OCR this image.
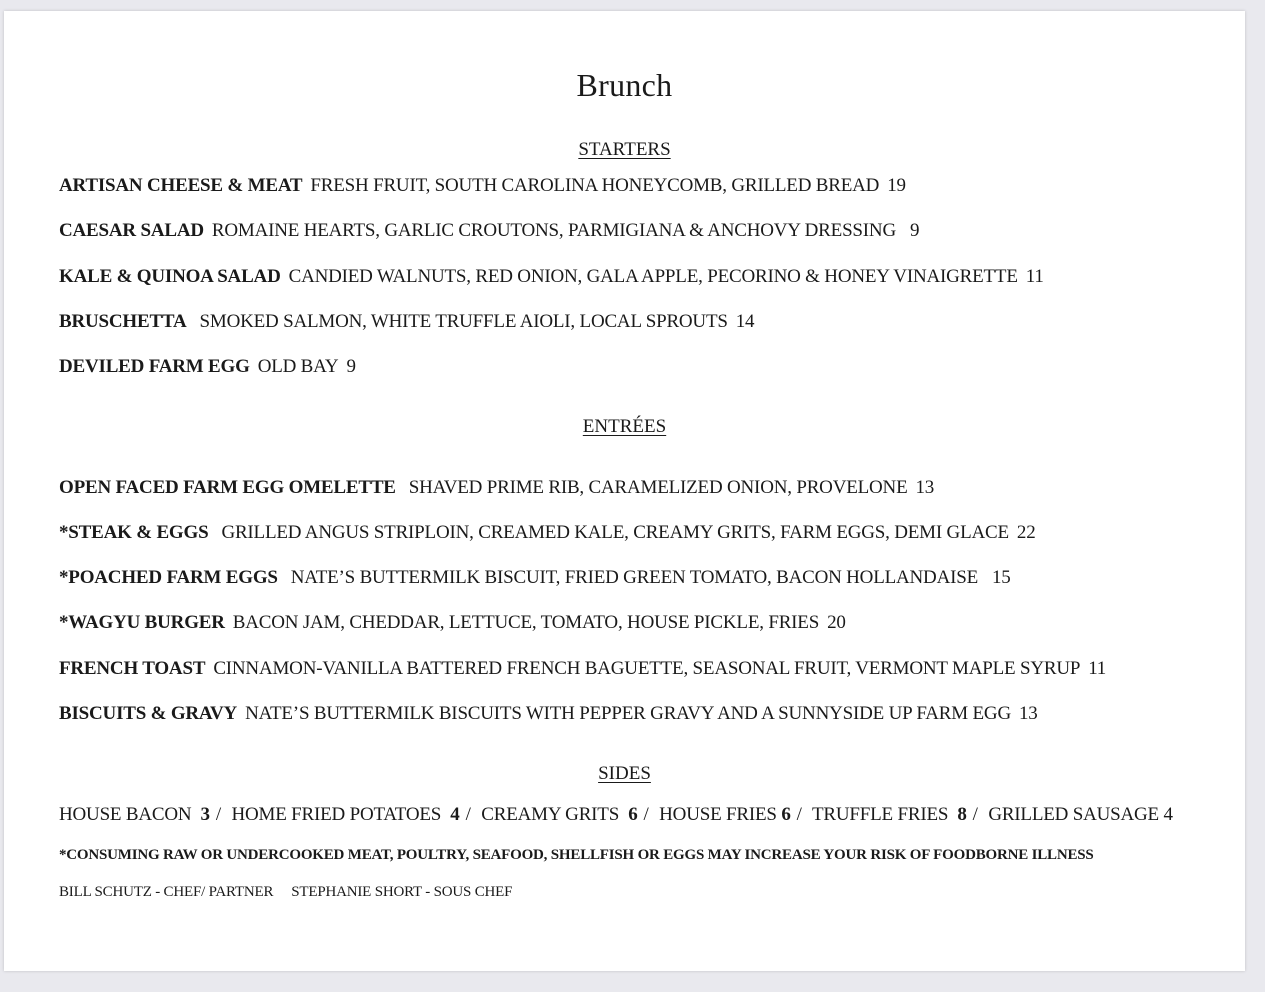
Brunch
STARTERS
ARTISAN CHEESE & MEAT FRESH FRUIT, SOUTH CAROLINA HONEYCOMB, GRILLED BREAD 19
CAESAR SALAD ROMAINE HEARTS, GARLIC CROUTONS, PARMIGIANA & ANCHOVY DRESSING 9
KALE & QUINOA SALAD CANDIED WALNUTS, RED ONION, GALA APPLE, PECORINO & HONEY VINAIGRETTE 11
BRUSCHETTA SMOKED SALMON, WHITE TRUFFLE AIOLI, LOCAL SPROUTS 14
DEVILED FARM EGG OLD BAY 9
ENTRÉES
OPEN FACED FARM EGG OMELETTE SHAVED PRIME RIB, CARAMELIZED ONION, PROVELONE 13
*STEAK & EGGS GRILLED ANGUS STRIPLOIN, CREAMED KALE, CREAMY GRITS, FARM EGGS, DEMI GLACE 22
*POACHED FARM EGGS NATE’S BUTTERMILK BISCUIT, FRIED GREEN TOMATO, BACON HOLLANDAISE 15
*WAGYU BURGER BACON JAM, CHEDDAR, LETTUCE, TOMATO, HOUSE PICKLE, FRIES 20
FRENCH TOAST CINNAMON-VANILLA BATTERED FRENCH BAGUETTE, SEASONAL FRUIT, VERMONT MAPLE SYRUP 11
BISCUITS & GRAVY NATE’S BUTTERMILK BISCUITS WITH PEPPER GRAVY AND A SUNNYSIDE UP FARM EGG 13
SIDES
HOUSE BACON 3 / HOME FRIED POTATOES 4 / CREAMY GRITS 6 / HOUSE FRIES 6 / TRUFFLE FRIES 8 / GRILLED SAUSAGE 4
*CONSUMING RAW OR UNDERCOOKED MEAT, POULTRY, SEAFOOD, SHELLFISH OR EGGS MAY INCREASE YOUR RISK OF FOODBORNE ILLNESS
BILL SCHUTZ - CHEF/ PARTNER STEPHANIE SHORT - SOUS CHEF
